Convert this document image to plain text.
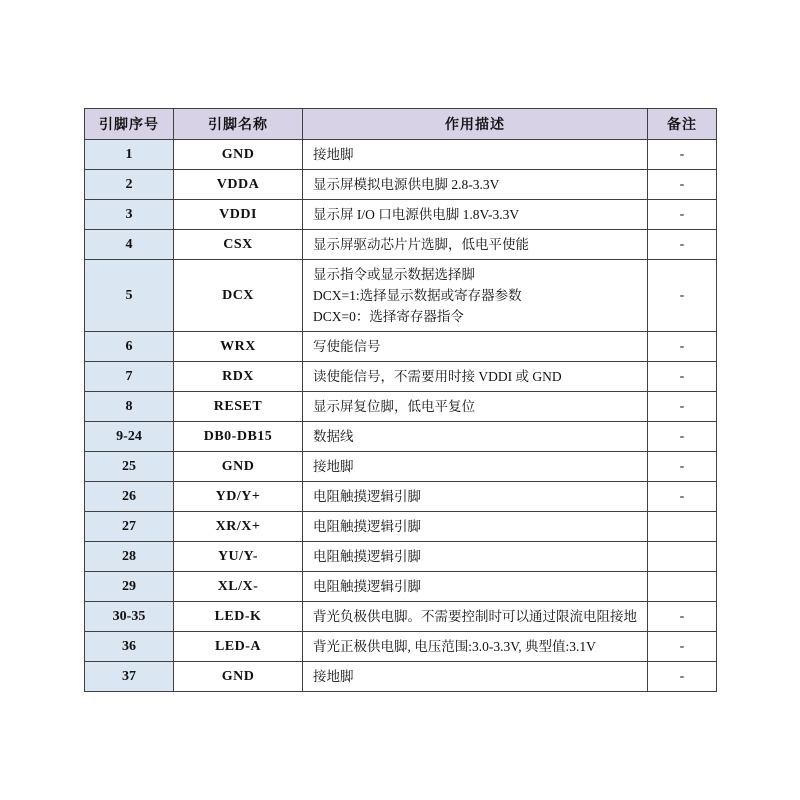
引脚序号	引脚名称	作用描述	备注
1	GND	接地脚	-
2	VDDA	显示屏模拟电源供电脚 2.8-3.3V	-
3	VDDI	显示屏 I/O 口电源供电脚 1.8V-3.3V	-
4	CSX	显示屏驱动芯片片选脚，低电平使能	-
5	DCX	显示指令或显示数据选择脚
DCX=1:选择显示数据或寄存器参数
DCX=0：选择寄存器指令	-
6	WRX	写使能信号	-
7	RDX	读使能信号，不需要用时接 VDDI 或 GND	-
8	RESET	显示屏复位脚，低电平复位	-
9-24	DB0-DB15	数据线	-
25	GND	接地脚	-
26	YD/Y+	电阻触摸逻辑引脚	-
27	XR/X+	电阻触摸逻辑引脚	

28	YU/Y-	电阻触摸逻辑引脚	

29	XL/X-	电阻触摸逻辑引脚	

30-35	LED-K	背光负极供电脚。不需要控制时可以通过限流电阻接地	-
36	LED-A	背光正极供电脚, 电压范围:3.0-3.3V, 典型值:3.1V	-
37	GND	接地脚	-
